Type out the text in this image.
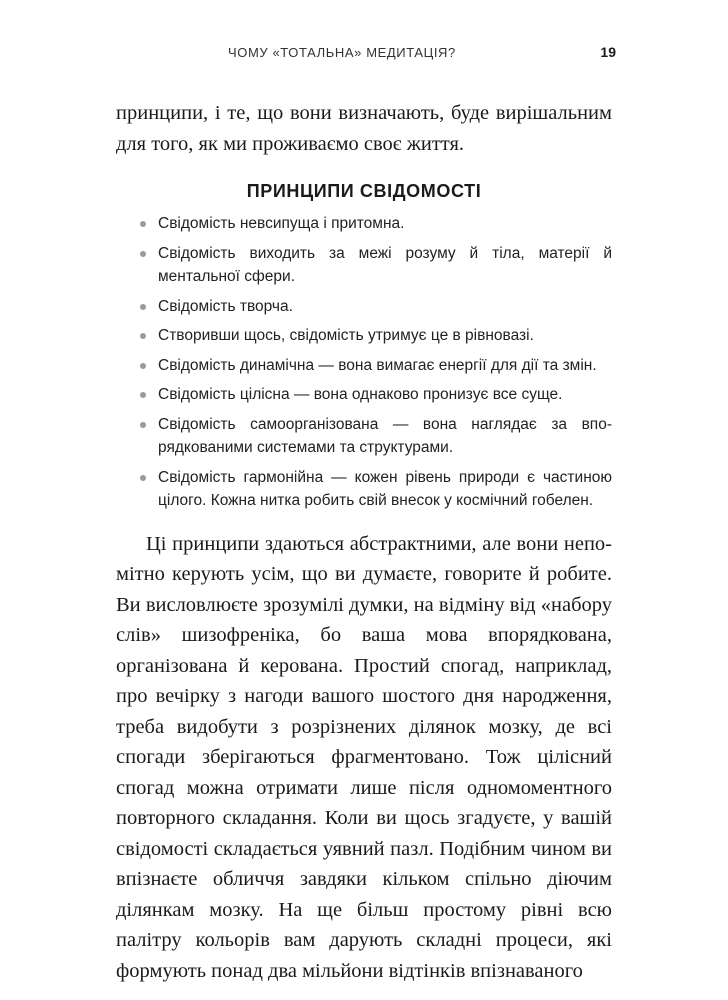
ЧОМУ «ТОТАЛЬНА» МЕДИТАЦІЯ?	19

принципи, і те, що вони визначають, буде вирішальним для того, як ми проживаємо своє життя.

ПРИНЦИПИ СВІДОМОСТІ
Свідомість невсипуща і притомна.
Свідомість виходить за межі розуму й тіла, матерії й ментальної сфери.
Свідомість творча.
Створивши щось, свідомість утримує це в рівновазі.
Свідомість динамічна — вона вимагає енергії для дії та змін.
Свідомість цілісна — вона однаково пронизує все суще.
Свідомість самоорганізована — вона наглядає за впорядкованими системами та структурами.
Свідомість гармонійна — кожен рівень природи є частиною цілого. Кожна нитка робить свій внесок у космічний гобелен.

Ці принципи здаються абстрактними, але вони непомітно керують усім, що ви думаєте, говорите й робите. Ви висловлюєте зрозумілі думки, на відміну від «набору слів» шизофреніка, бо ваша мова впорядкована, організована й керована. Простий спогад, наприклад, про вечірку з нагоди вашого шостого дня народження, треба видобути з розрізнених ділянок мозку, де всі спогади зберігаються фрагментовано. Тож цілісний спогад можна отримати лише після одномоментного повторного складання. Коли ви щось згадуєте, у вашій свідомості складається уявний пазл. Подібним чином ви впізнаєте обличчя завдяки кільком спільно діючим ділянкам мозку. На ще більш простому рівні всю палітру кольорів вам дарують складні процеси, які формують понад два мільйони відтінків впізнаваного
